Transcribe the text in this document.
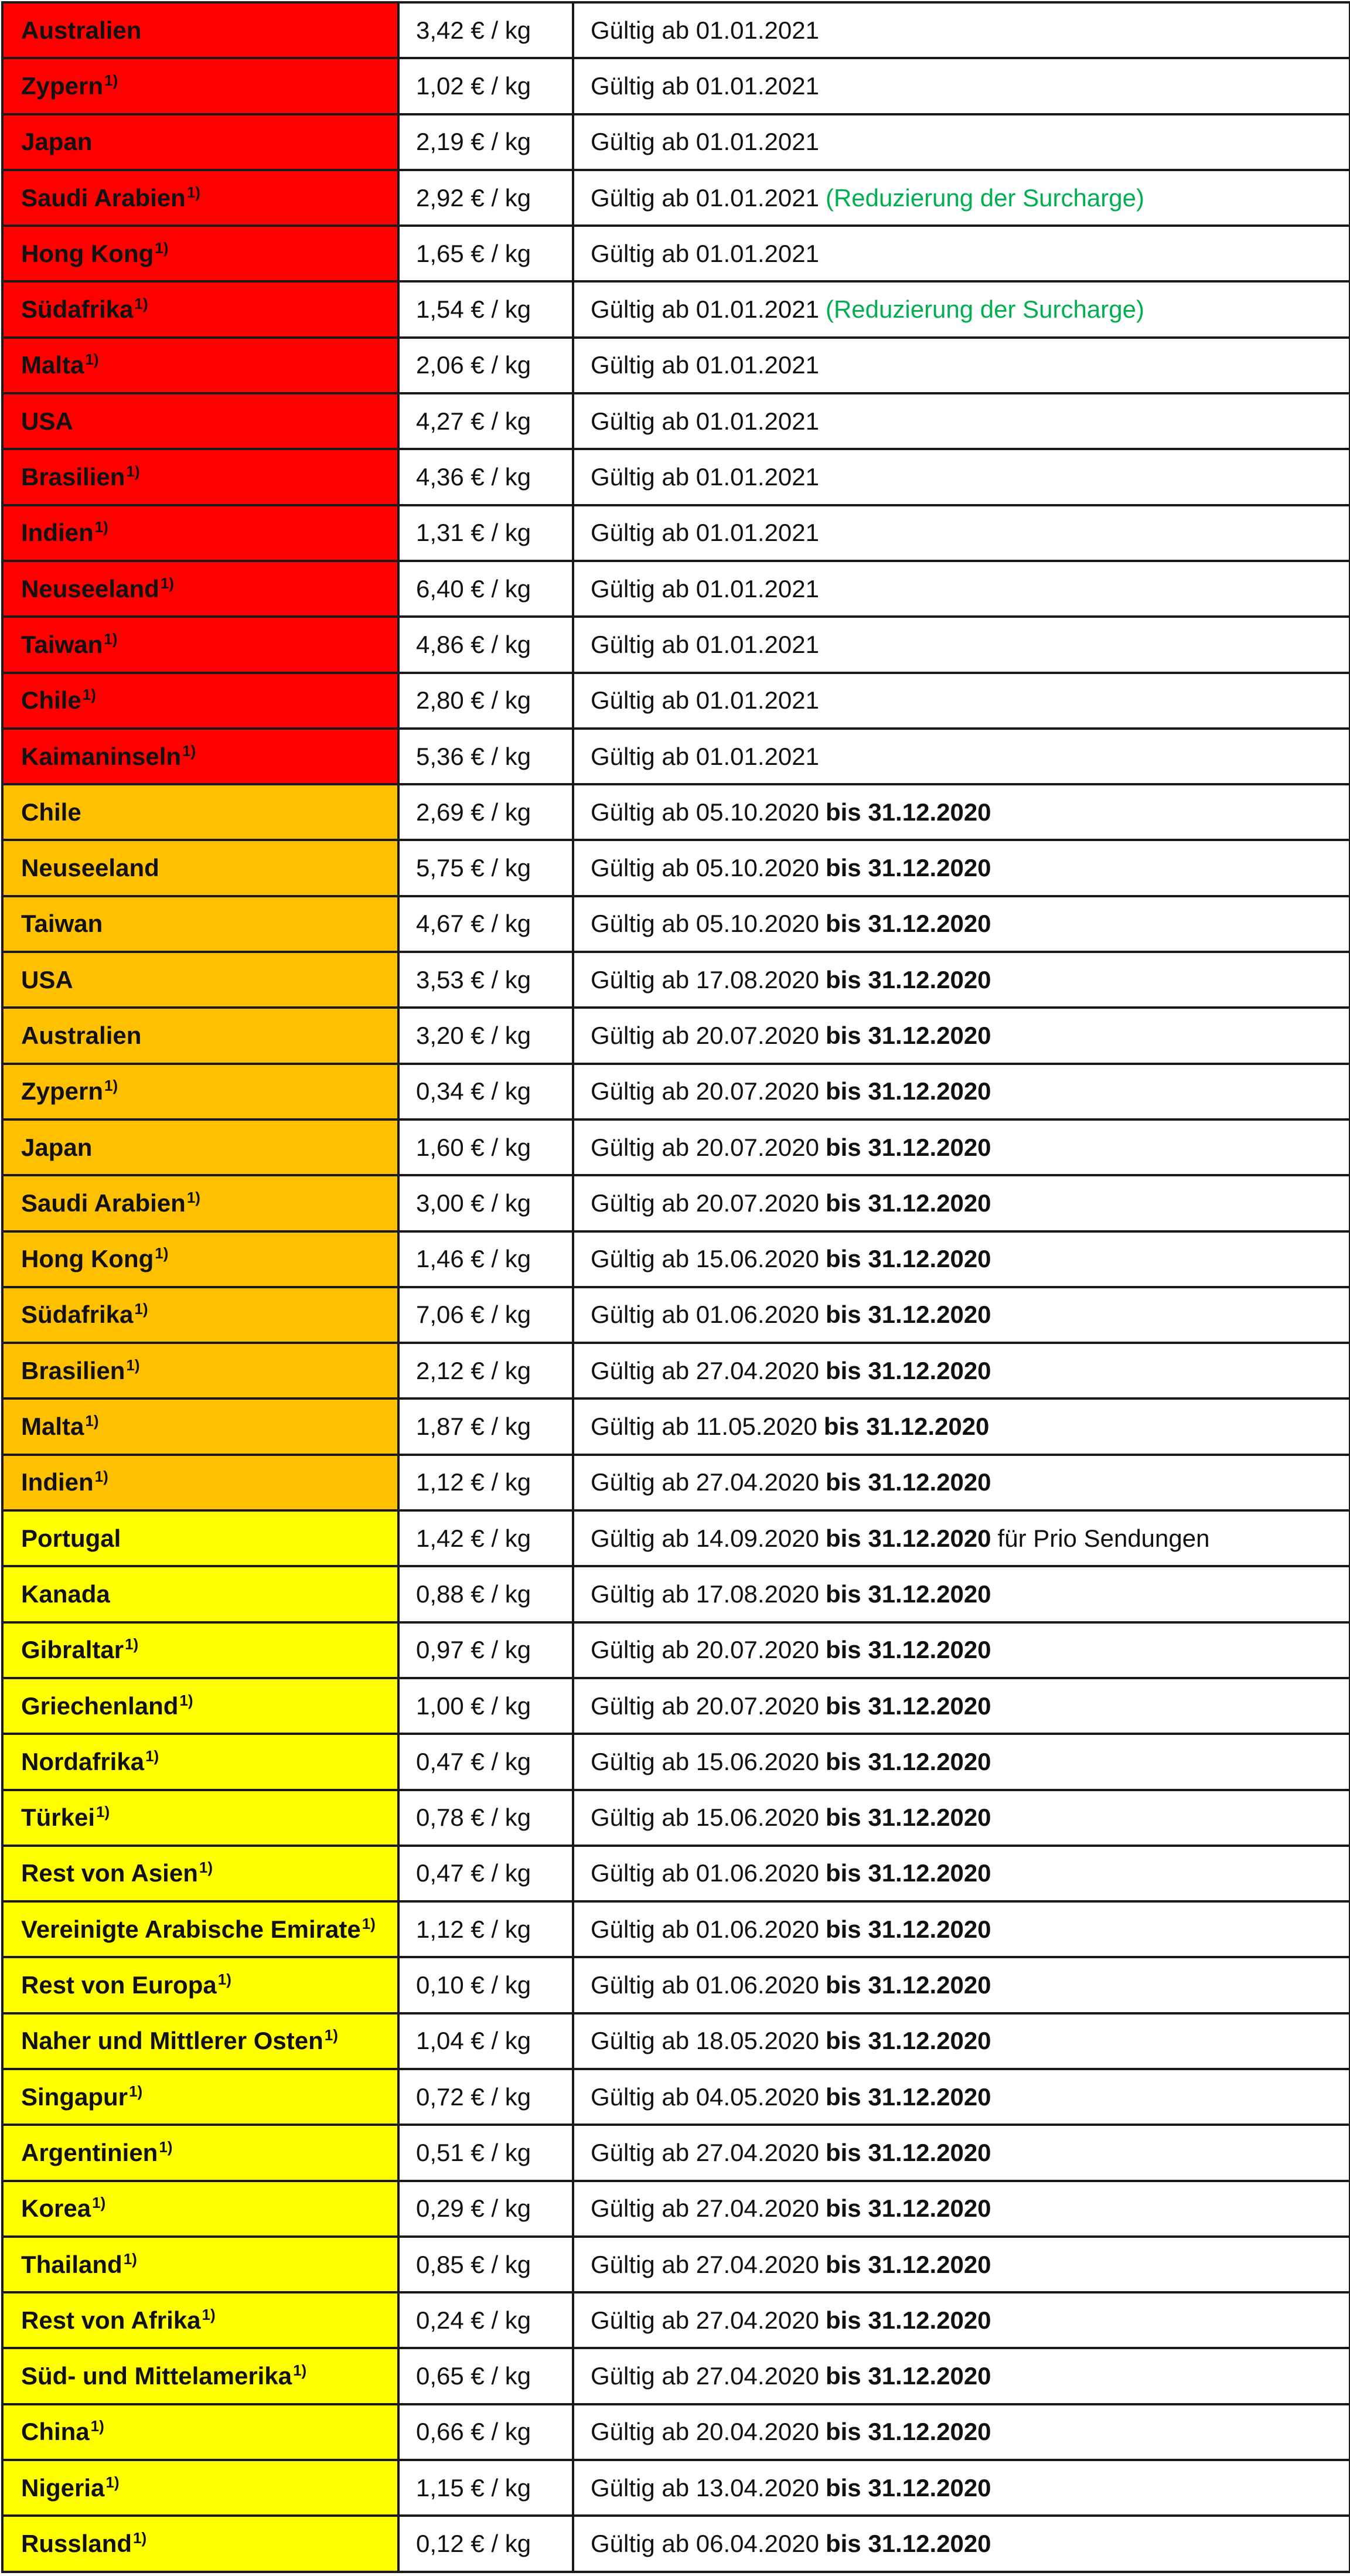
Australien	3,42 € / kg	Gültig ab 01.01.2021
Zypern$^{1)}$	1,02 € / kg	Gültig ab 01.01.2021
Japan	2,19 € / kg	Gültig ab 01.01.2021
Saudi Arabien$^{1)}$	2,92 € / kg	Gültig ab 01.01.2021 (Reduzierung der Surcharge)
Hong Kong$^{1)}$	1,65 € / kg	Gültig ab 01.01.2021
Südafrika$^{1)}$	1,54 € / kg	Gültig ab 01.01.2021 (Reduzierung der Surcharge)
Malta$^{1)}$	2,06 € / kg	Gültig ab 01.01.2021
USA	4,27 € / kg	Gültig ab 01.01.2021
Brasilien$^{1)}$	4,36 € / kg	Gültig ab 01.01.2021
Indien$^{1)}$	1,31 € / kg	Gültig ab 01.01.2021
Neuseeland$^{1)}$	6,40 € / kg	Gültig ab 01.01.2021
Taiwan$^{1)}$	4,86 € / kg	Gültig ab 01.01.2021
Chile$^{1)}$	2,80 € / kg	Gültig ab 01.01.2021
Kaimaninseln$^{1)}$	5,36 € / kg	Gültig ab 01.01.2021
Chile	2,69 € / kg	Gültig ab 05.10.2020 bis 31.12.2020
Neuseeland	5,75 € / kg	Gültig ab 05.10.2020 bis 31.12.2020
Taiwan	4,67 € / kg	Gültig ab 05.10.2020 bis 31.12.2020
USA	3,53 € / kg	Gültig ab 17.08.2020 bis 31.12.2020
Australien	3,20 € / kg	Gültig ab 20.07.2020 bis 31.12.2020
Zypern$^{1)}$	0,34 € / kg	Gültig ab 20.07.2020 bis 31.12.2020
Japan	1,60 € / kg	Gültig ab 20.07.2020 bis 31.12.2020
Saudi Arabien$^{1)}$	3,00 € / kg	Gültig ab 20.07.2020 bis 31.12.2020
Hong Kong$^{1)}$	1,46 € / kg	Gültig ab 15.06.2020 bis 31.12.2020
Südafrika$^{1)}$	7,06 € / kg	Gültig ab 01.06.2020 bis 31.12.2020
Brasilien$^{1)}$	2,12 € / kg	Gültig ab 27.04.2020 bis 31.12.2020
Malta$^{1)}$	1,87 € / kg	Gültig ab 11.05.2020 bis 31.12.2020
Indien$^{1)}$	1,12 € / kg	Gültig ab 27.04.2020 bis 31.12.2020
Portugal	1,42 € / kg	Gültig ab 14.09.2020 bis 31.12.2020 für Prio Sendungen
Kanada	0,88 € / kg	Gültig ab 17.08.2020 bis 31.12.2020
Gibraltar$^{1)}$	0,97 € / kg	Gültig ab 20.07.2020 bis 31.12.2020
Griechenland$^{1)}$	1,00 € / kg	Gültig ab 20.07.2020 bis 31.12.2020
Nordafrika$^{1)}$	0,47 € / kg	Gültig ab 15.06.2020 bis 31.12.2020
Türkei$^{1)}$	0,78 € / kg	Gültig ab 15.06.2020 bis 31.12.2020
Rest von Asien$^{1)}$	0,47 € / kg	Gültig ab 01.06.2020 bis 31.12.2020
Vereinigte Arabische Emirate$^{1)}$	1,12 € / kg	Gültig ab 01.06.2020 bis 31.12.2020
Rest von Europa$^{1)}$	0,10 € / kg	Gültig ab 01.06.2020 bis 31.12.2020
Naher und Mittlerer Osten$^{1)}$	1,04 € / kg	Gültig ab 18.05.2020 bis 31.12.2020
Singapur$^{1)}$	0,72 € / kg	Gültig ab 04.05.2020 bis 31.12.2020
Argentinien$^{1)}$	0,51 € / kg	Gültig ab 27.04.2020 bis 31.12.2020
Korea$^{1)}$	0,29 € / kg	Gültig ab 27.04.2020 bis 31.12.2020
Thailand$^{1)}$	0,85 € / kg	Gültig ab 27.04.2020 bis 31.12.2020
Rest von Afrika$^{1)}$	0,24 € / kg	Gültig ab 27.04.2020 bis 31.12.2020
Süd- und Mittelamerika$^{1)}$	0,65 € / kg	Gültig ab 27.04.2020 bis 31.12.2020
China$^{1)}$	0,66 € / kg	Gültig ab 20.04.2020 bis 31.12.2020
Nigeria$^{1)}$	1,15 € / kg	Gültig ab 13.04.2020 bis 31.12.2020
Russland$^{1)}$	0,12 € / kg	Gültig ab 06.04.2020 bis 31.12.2020
